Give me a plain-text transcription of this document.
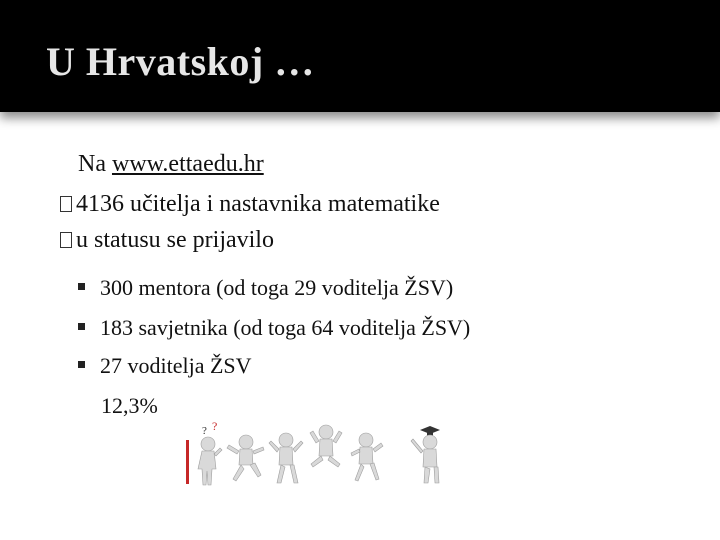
U Hrvatskoj …
Na www.ettaedu.hr
4136 učitelja i nastavnika matematike
u statusu se prijavilo
300 mentora (od toga 29 voditelja ŽSV)
183 savjetnika (od toga 64 voditelja ŽSV)
27 voditelja ŽSV
12,3%
? ?
